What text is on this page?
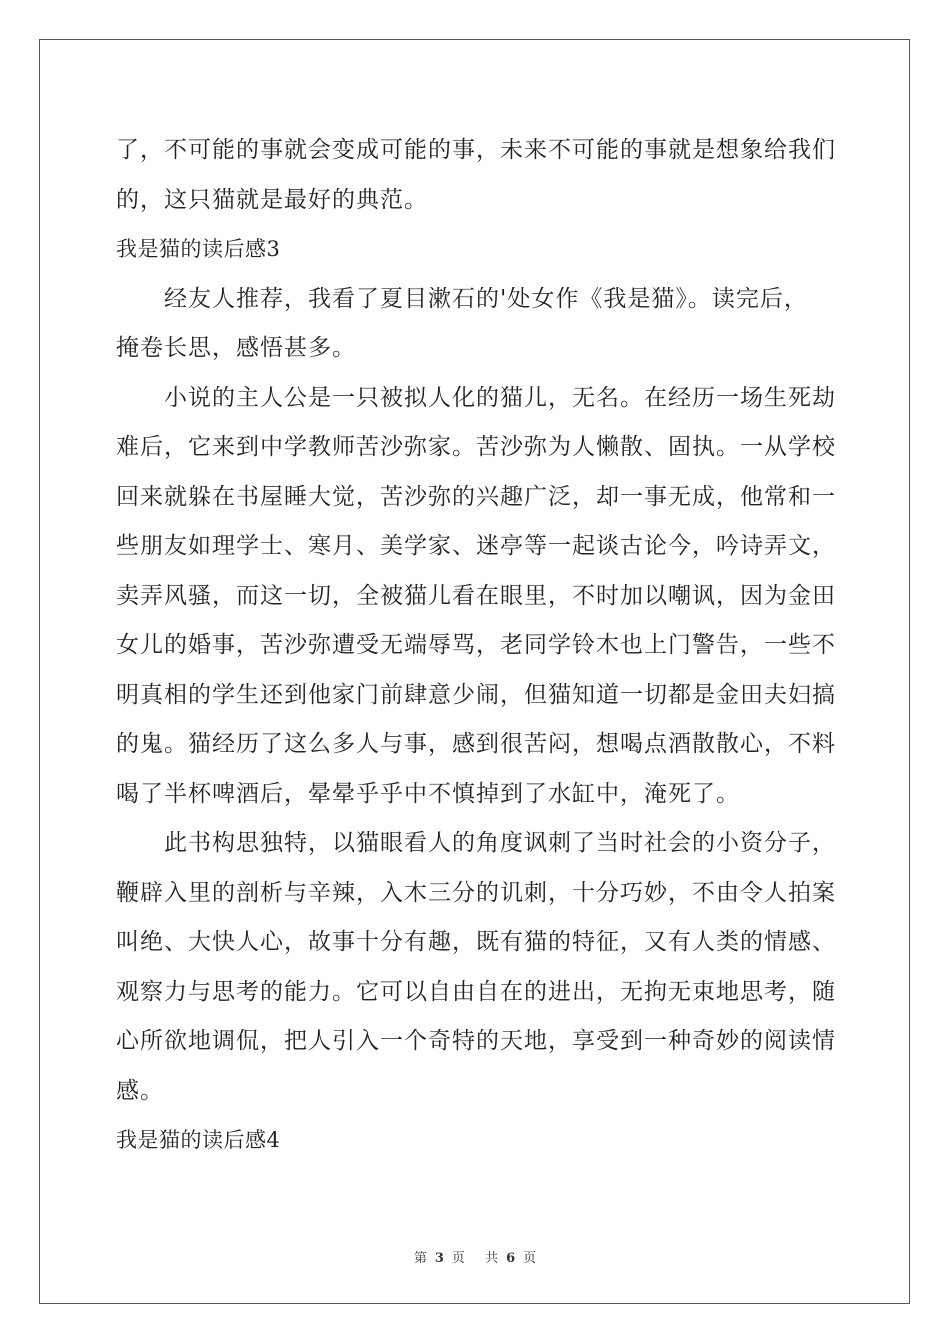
了，不可能的事就会变成可能的事，未来不可能的事就是想象给我们
的，这只猫就是最好的典范。
我是猫的读后感3
经友人推荐，我看了夏目漱石的'处女作《我是猫》。读完后，
掩卷长思，感悟甚多。
小说的主人公是一只被拟人化的猫儿，无名。在经历一场生死劫
难后，它来到中学教师苦沙弥家。苦沙弥为人懒散、固执。一从学校
回来就躲在书屋睡大觉，苦沙弥的兴趣广泛，却一事无成，他常和一
些朋友如理学士、寒月、美学家、迷亭等一起谈古论今，吟诗弄文，
卖弄风骚，而这一切，全被猫儿看在眼里，不时加以嘲讽，因为金田
女儿的婚事，苦沙弥遭受无端辱骂，老同学铃木也上门警告，一些不
明真相的学生还到他家门前肆意少闹，但猫知道一切都是金田夫妇搞
的鬼。猫经历了这么多人与事，感到很苦闷，想喝点酒散散心，不料
喝了半杯啤酒后，晕晕乎乎中不慎掉到了水缸中，淹死了。
此书构思独特，以猫眼看人的角度讽刺了当时社会的小资分子，
鞭辟入里的剖析与辛辣，入木三分的讥刺，十分巧妙，不由令人拍案
叫绝、大快人心，故事十分有趣，既有猫的特征，又有人类的情感、
观察力与思考的能力。它可以自由自在的进出，无拘无束地思考，随
心所欲地调侃，把人引入一个奇特的天地，享受到一种奇妙的阅读情
感。
我是猫的读后感4
第 3 页 共 6 页
